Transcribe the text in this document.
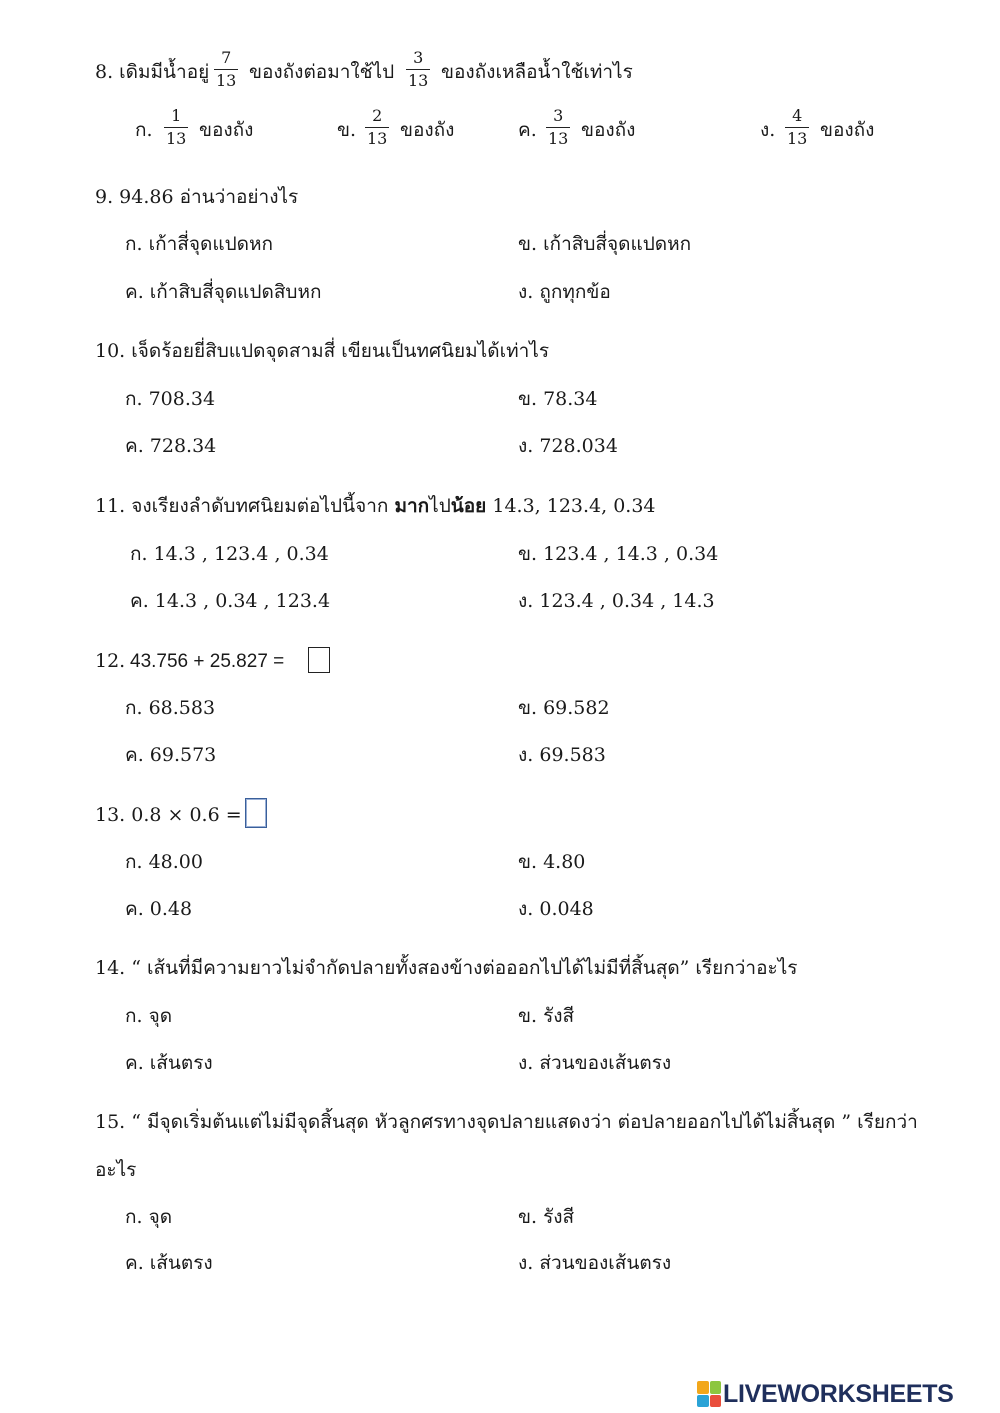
8. เดิมมีน้ำอยู่
7
13 ของถังต่อมาใช้ไป
3
13 ของถังเหลือน้ำใช้เท่าไร
ก.
1
13 ของถัง	ข.
2
13 ของถัง	ค.
3
13 ของถัง	ง.
4
13 ของถัง
9. 94.86 อ่านว่าอย่างไร
ก. เก้าสี่จุดแปดหก	ข. เก้าสิบสี่จุดแปดหก
ค. เก้าสิบสี่จุดแปดสิบหก	ง. ถูกทุกข้อ
10. เจ็ดร้อยยี่สิบแปดจุดสามสี่ เขียนเป็นทศนิยมได้เท่าไร
ก. 708.34	ข. 78.34
ค. 728.34	ง. 728.034
11. จงเรียงลำดับทศนิยมต่อไปนี้จาก มากไปน้อย 14.3, 123.4, 0.34
ก. 14.3 , 123.4 , 0.34	ข. 123.4 , 14.3 , 0.34
ค. 14.3 , 0.34 , 123.4	ง. 123.4 , 0.34 , 14.3
12. 43.756 + 25.827 =
ก. 68.583	ข. 69.582
ค. 69.573	ง. 69.583
13. 0.8 × 0.6 =
ก. 48.00	ข. 4.80
ค. 0.48	ง. 0.048
14. “ เส้นที่มีความยาวไม่จำกัดปลายทั้งสองข้างต่อออกไปได้ไม่มีที่สิ้นสุด” เรียกว่าอะไร
ก. จุด	ข. รังสี
ค. เส้นตรง	ง. ส่วนของเส้นตรง
15. “ มีจุดเริ่มต้นแต่ไม่มีจุดสิ้นสุด หัวลูกศรทางจุดปลายแสดงว่า ต่อปลายออกไปได้ไม่สิ้นสุด ” เรียกว่า
อะไร
ก. จุด	ข. รังสี
ค. เส้นตรง	ง. ส่วนของเส้นตรง
LIVEWORKSHEETS
